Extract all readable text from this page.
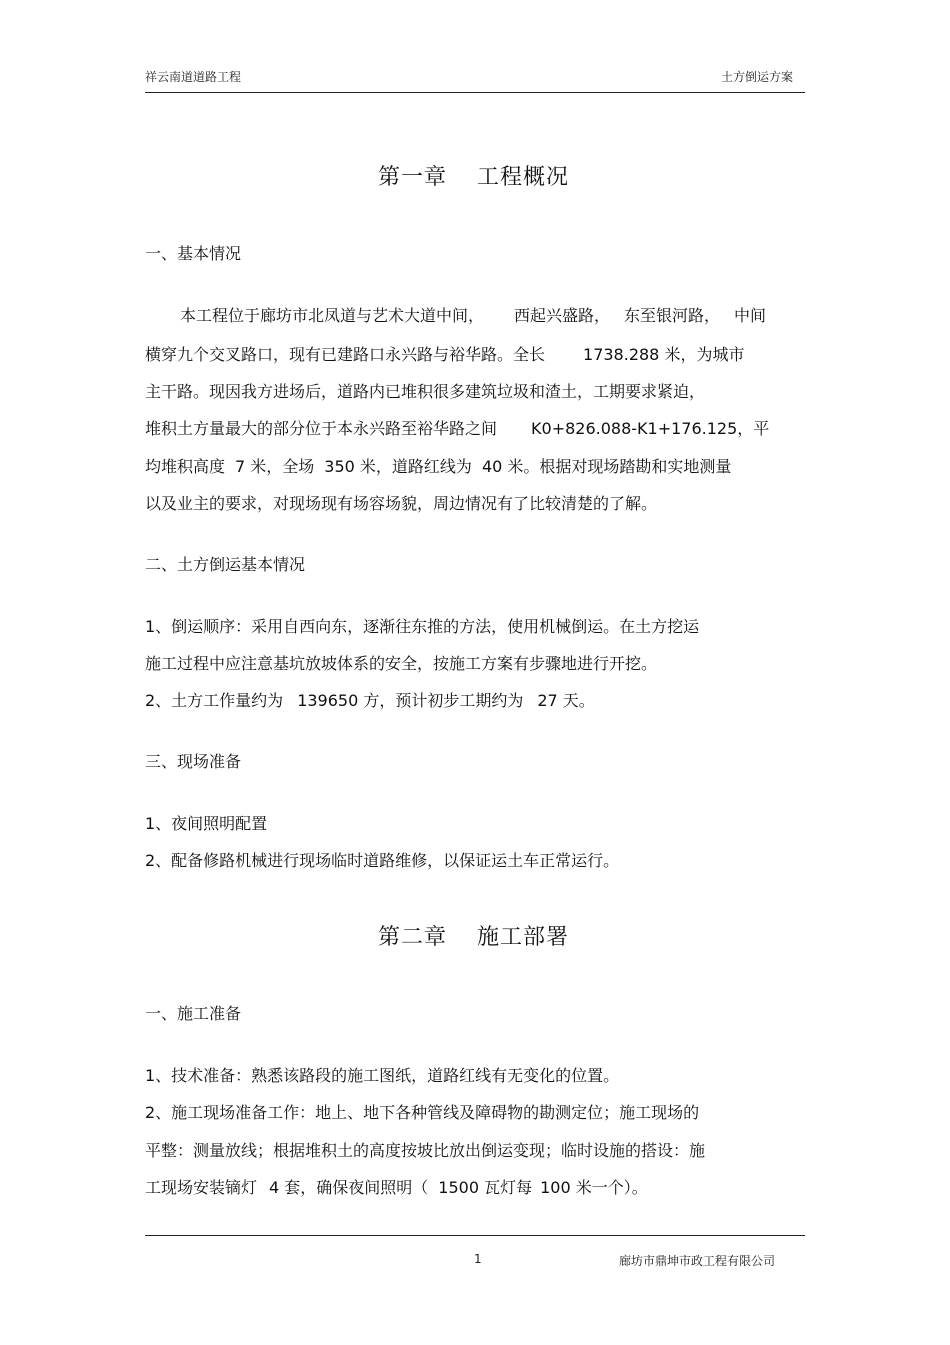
祥云南道道路工程	土方倒运方案
第一章 工程概况
一、基本情况
本工程位于廊坊市北凤道与艺术大道中间， 西起兴盛路， 东至银河路， 中间
横穿九个交叉路口，现有已建路口永兴路与裕华路。全长 1738.288 米，为城市
主干路。现因我方进场后，道路内已堆积很多建筑垃圾和渣土，工期要求紧迫，
堆积土方量最大的部分位于本永兴路至裕华路之间 K0+826.088-K1+176.125，平
均堆积高度 7 米，全场 350 米，道路红线为 40 米。根据对现场踏勘和实地测量
以及业主的要求，对现场现有场容场貌，周边情况有了比较清楚的了解。
二、土方倒运基本情况
1、倒运顺序：采用自西向东，逐渐往东推的方法，使用机械倒运。在土方挖运
施工过程中应注意基坑放坡体系的安全，按施工方案有步骤地进行开挖。
2、土方工作量约为 139650 方，预计初步工期约为 27 天。
三、现场准备
1、夜间照明配置
2、配备修路机械进行现场临时道路维修，以保证运土车正常运行。
第二章 施工部署
一、施工准备
1、技术准备：熟悉该路段的施工图纸，道路红线有无变化的位置。
2、施工现场准备工作：地上、地下各种管线及障碍物的勘测定位；施工现场的
平整：测量放线；根据堆积土的高度按坡比放出倒运变现；临时设施的搭设：施
工现场安装镝灯 4 套，确保夜间照明（ 1500 瓦灯每 100 米一个）。
1	廊坊市鼎坤市政工程有限公司
